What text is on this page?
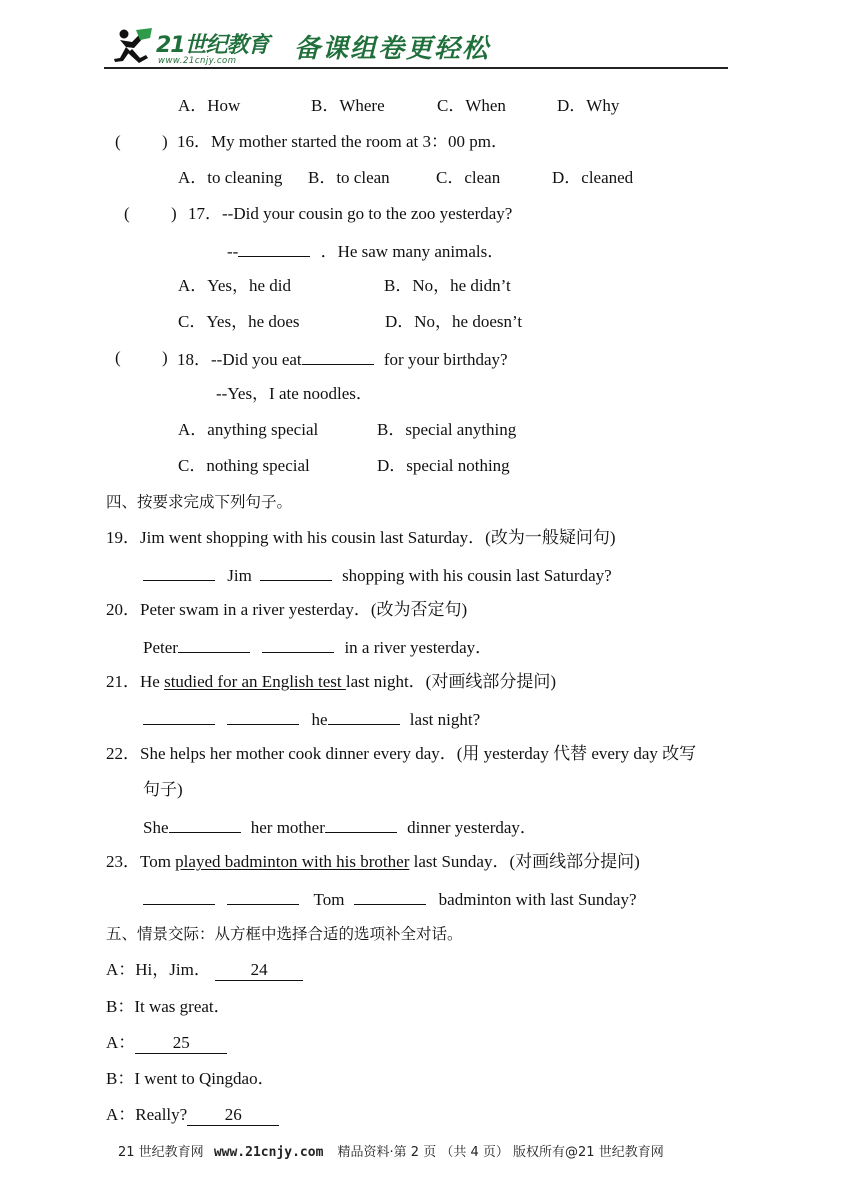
21世纪教育
www.21cnjy.com 备课组卷更轻松
A．How	B．Where	C．When	D．Why
( ) 16．My mother started the room at 3：00 pm．
A．to cleaning B．to clean	C．clean	D．cleaned
( ) 17．--Did your cousin go to the zoo yesterday?
--	．He saw many animals．
A．Yes，he did	B．No，he didn’t
C．Yes，he does	D．No，he doesn’t
( ) 18．--Did you eat	for your birthday?
--Yes，I ate noodles．
A．anything special	B．special anything
C．nothing special	D．special nothing
四、按要求完成下列句子。
19．Jim went shopping with his cousin last Saturday．(改为一般疑问句)
Jim	shopping with his cousin last Saturday?
20．Peter swam in a river yesterday．(改为否定句)
Peter	in a river yesterday．
21．He studied for an English test last night．(对画线部分提问)
he	last night?
22．She helps her mother cook dinner every day．(用 yesterday 代替 every day 改写
句子)
She	her mother	dinner yesterday．
23．Tom played badminton with his brother last Sunday．(对画线部分提问)
Tom	badminton with last Sunday?
五、情景交际：从方框中选择合适的选项补全对话。
A：Hi，Jim． 24
B：It was great．
A： 25
B：I went to Qingdao．
A：Really? 26
21 世纪教育网 www.21cnjy.com 精品资料·第 2 页 （共 4 页） 版权所有@21 世纪教育网
